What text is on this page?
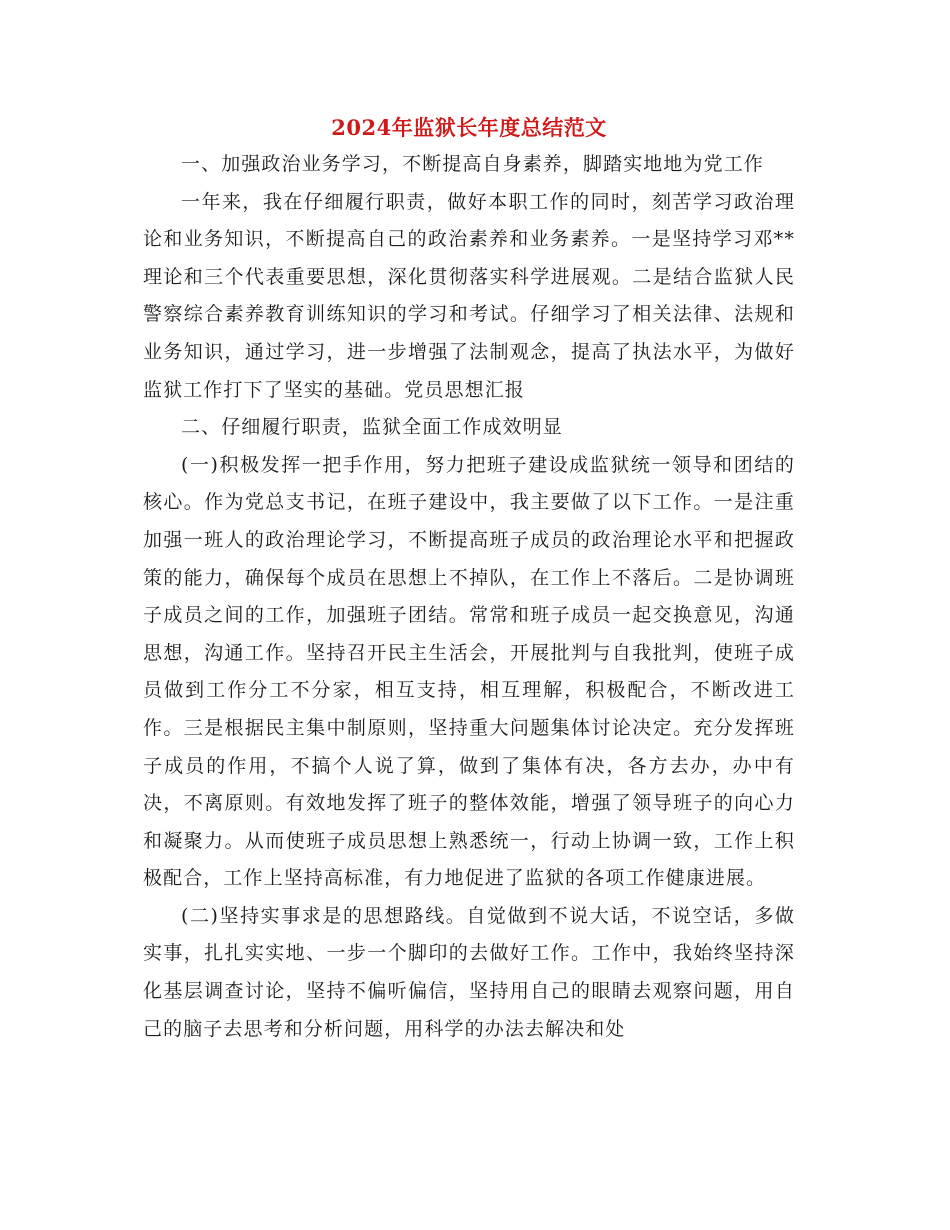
2024年监狱长年度总结范文

一、加强政治业务学习，不断提高自身素养，脚踏实地地为党工作

一年来，我在仔细履行职责，做好本职工作的同时，刻苦学习政治理论和业务知识，不断提高自己的政治素养和业务素养。一是坚持学习邓**理论和三个代表重要思想，深化贯彻落实科学进展观。二是结合监狱人民警察综合素养教育训练知识的学习和考试。仔细学习了相关法律、法规和业务知识，通过学习，进一步增强了法制观念，提高了执法水平，为做好监狱工作打下了坚实的基础。党员思想汇报

二、仔细履行职责，监狱全面工作成效明显

(一)积极发挥一把手作用，努力把班子建设成监狱统一领导和团结的核心。作为党总支书记，在班子建设中，我主要做了以下工作。一是注重加强一班人的政治理论学习，不断提高班子成员的政治理论水平和把握政策的能力，确保每个成员在思想上不掉队，在工作上不落后。二是协调班子成员之间的工作，加强班子团结。常常和班子成员一起交换意见，沟通思想，沟通工作。坚持召开民主生活会，开展批判与自我批判，使班子成员做到工作分工不分家，相互支持，相互理解，积极配合，不断改进工作。三是根据民主集中制原则，坚持重大问题集体讨论决定。充分发挥班子成员的作用，不搞个人说了算，做到了集体有决，各方去办，办中有决，不离原则。有效地发挥了班子的整体效能，增强了领导班子的向心力和凝聚力。从而使班子成员思想上熟悉统一，行动上协调一致，工作上积极配合，工作上坚持高标准，有力地促进了监狱的各项工作健康进展。

(二)坚持实事求是的思想路线。自觉做到不说大话，不说空话，多做实事，扎扎实实地、一步一个脚印的去做好工作。工作中，我始终坚持深化基层调查讨论，坚持不偏听偏信，坚持用自己的眼睛去观察问题，用自己的脑子去思考和分析问题，用科学的办法去解决和处
